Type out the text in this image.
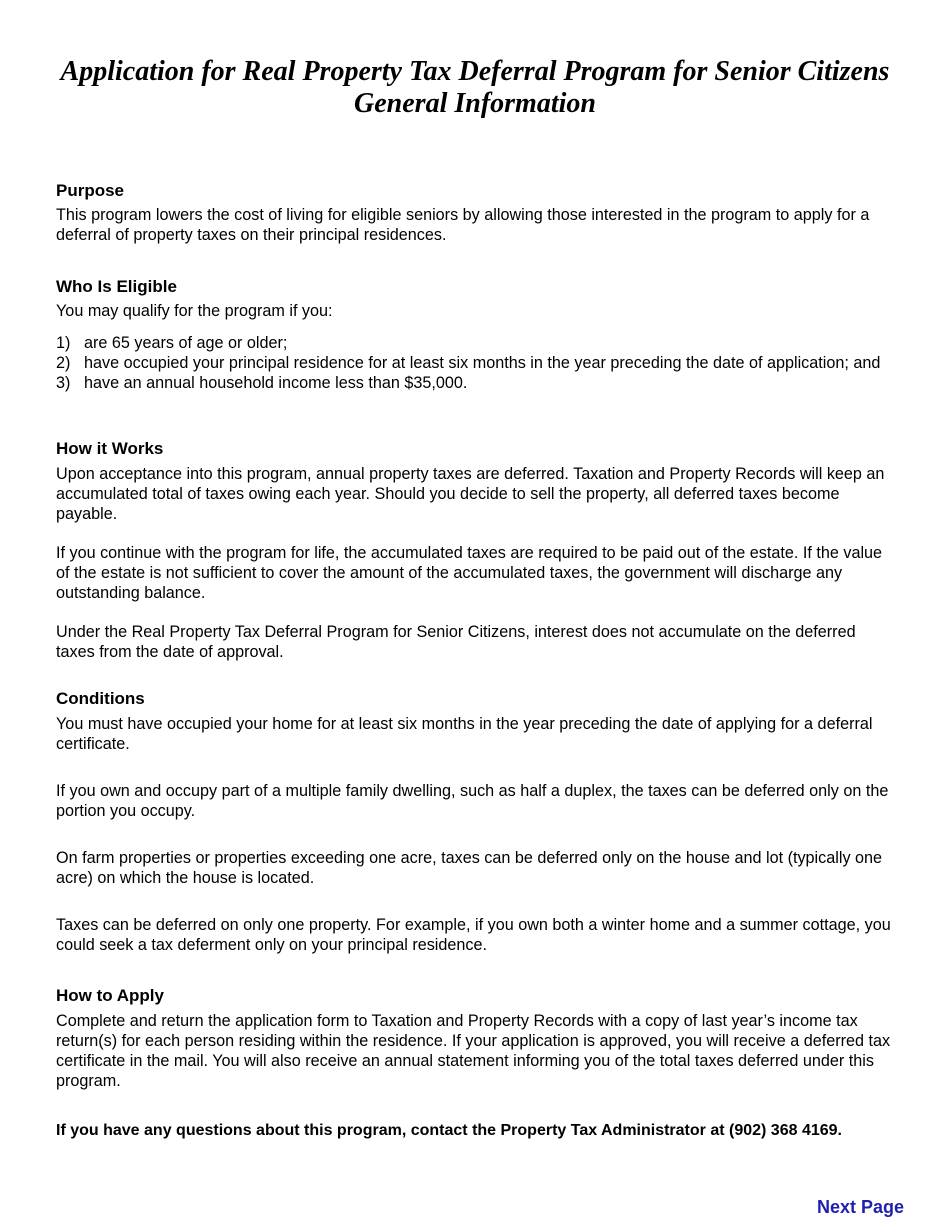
Application for Real Property Tax Deferral Program for Senior Citizens
General Information
Purpose

This program lowers the cost of living for eligible seniors by allowing those interested in the program to apply for a deferral of property taxes on their principal residences.

Who Is Eligible

You may qualify for the program if you:

1) are 65 years of age or older;
2) have occupied your principal residence for at least six months in the year preceding the date of application; and
3) have an annual household income less than $35,000.
How it Works

Upon acceptance into this program, annual property taxes are deferred. Taxation and Property Records will keep an accumulated total of taxes owing each year. Should you decide to sell the property, all deferred taxes become payable.

If you continue with the program for life, the accumulated taxes are required to be paid out of the estate. If the value of the estate is not sufficient to cover the amount of the accumulated taxes, the government will discharge any outstanding balance.

Under the Real Property Tax Deferral Program for Senior Citizens, interest does not accumulate on the deferred taxes from the date of approval.

Conditions

You must have occupied your home for at least six months in the year preceding the date of applying for a deferral certificate.

If you own and occupy part of a multiple family dwelling, such as half a duplex, the taxes can be deferred only on the portion you occupy.

On farm properties or properties exceeding one acre, taxes can be deferred only on the house and lot (typically one acre) on which the house is located.

Taxes can be deferred on only one property. For example, if you own both a winter home and a summer cottage, you could seek a tax deferment only on your principal residence.

How to Apply

Complete and return the application form to Taxation and Property Records with a copy of last year’s income tax return(s) for each person residing within the residence. If your application is approved, you will receive a deferred tax certificate in the mail. You will also receive an annual statement informing you of the total taxes deferred under this program.

If you have any questions about this program, contact the Property Tax Administrator at (902) 368 4169.

Next Page
